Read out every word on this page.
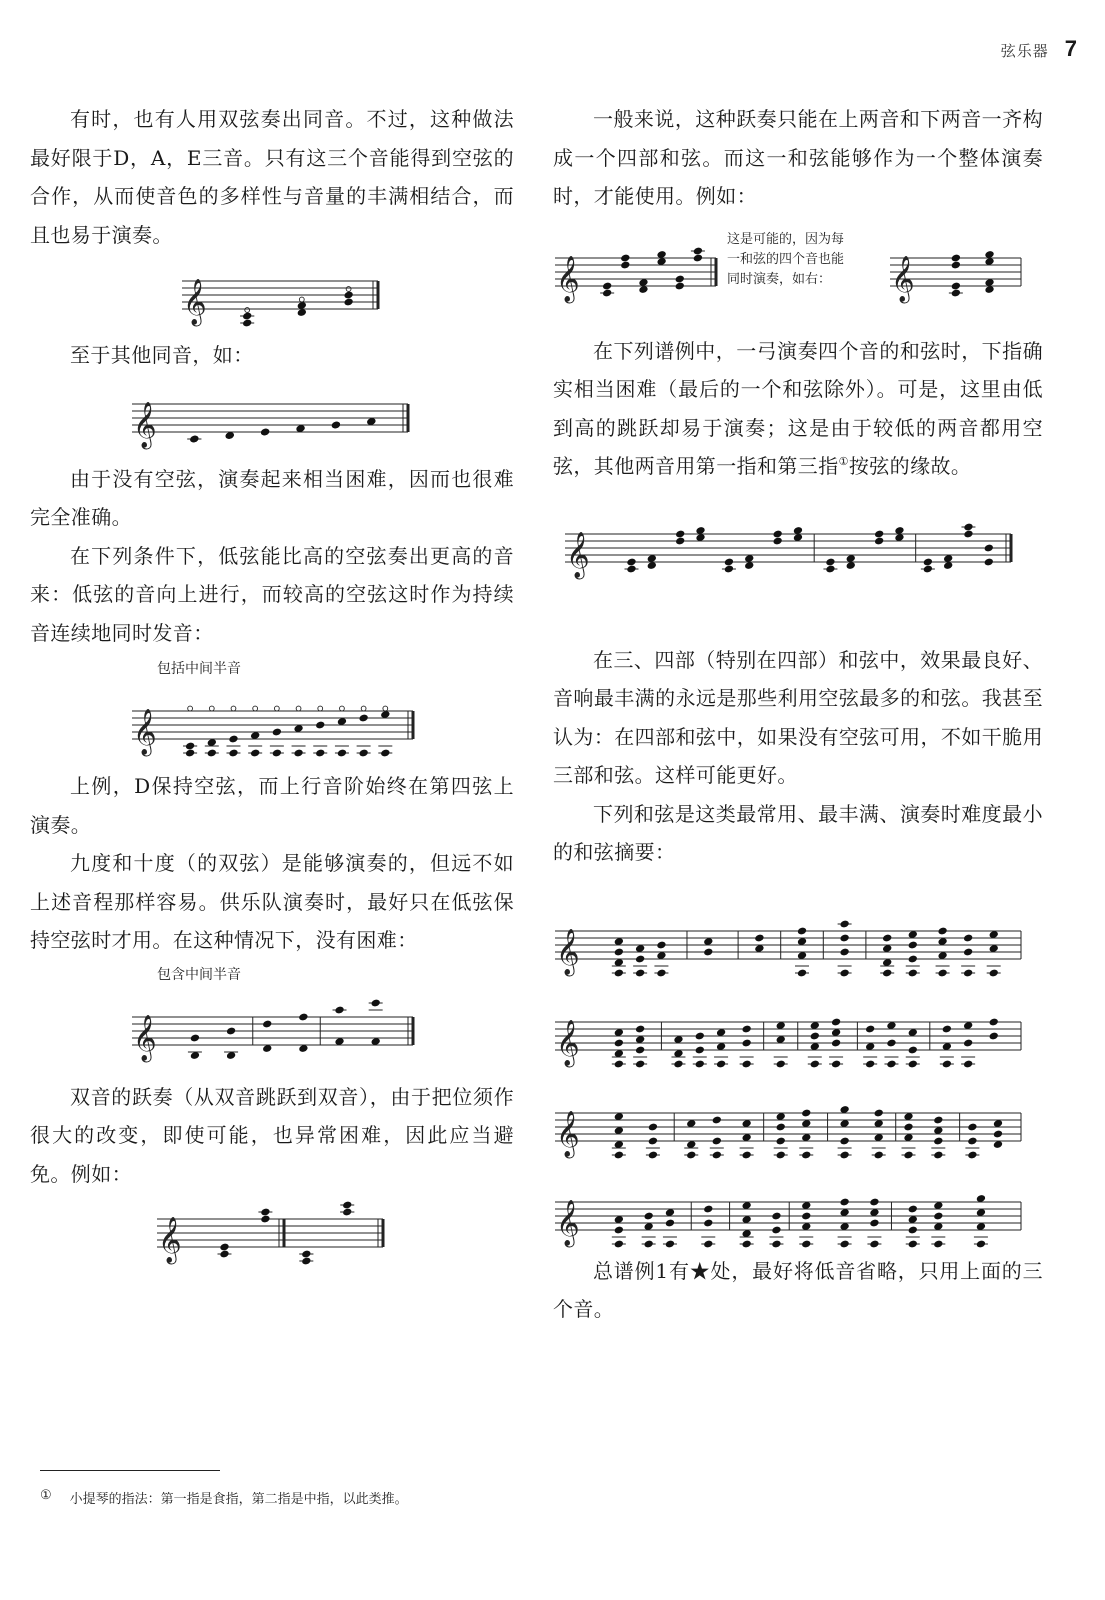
弦乐器 7

有时，也有人用双弦奏出同音。不过，这种做法最好限于D，A，E三音。只有这三个音能得到空弦的合作，从而使音色的多样性与音量的丰满相结合，而且也易于演奏。

𝄞

至于其他同音，如：

𝄞

由于没有空弦，演奏起来相当困难，因而也很难完全准确。

在下列条件下，低弦能比高的空弦奏出更高的音来：低弦的音向上进行，而较高的空弦这时作为持续音连续地同时发音：

包括中间半音
𝄞

上例，D保持空弦，而上行音阶始终在第四弦上演奏。

九度和十度（的双弦）是能够演奏的，但远不如上述音程那样容易。供乐队演奏时，最好只在低弦保持空弦时才用。在这种情况下，没有困难：

包含中间半音
𝄞

双音的跃奏（从双音跳跃到双音），由于把位须作很大的改变，即使可能，也异常困难，因此应当避免。例如：

𝄞

一般来说，这种跃奏只能在上两音和下两音一齐构成一个四部和弦。而这一和弦能够作为一个整体演奏时，才能使用。例如：

𝄞
这是可能的，因为每
一和弦的四个音也能
同时演奏，如右：	𝄞

在下列谱例中，一弓演奏四个音的和弦时，下指确实相当困难（最后的一个和弦除外）。可是，这里由低到高的跳跃却易于演奏；这是由于较低的两音都用空弦，其他两音用第一指和第三指①按弦的缘故。

𝄞

在三、四部（特别在四部）和弦中，效果最良好、音响最丰满的永远是那些利用空弦最多的和弦。我甚至认为：在四部和弦中，如果没有空弦可用，不如干脆用三部和弦。这样可能更好。

下列和弦是这类最常用、最丰满、演奏时难度最小的和弦摘要：

𝄞
𝄞
𝄞
𝄞

总谱例1有★处，最好将低音省略，只用上面的三个音。

① 小提琴的指法：第一指是食指，第二指是中指，以此类推。
